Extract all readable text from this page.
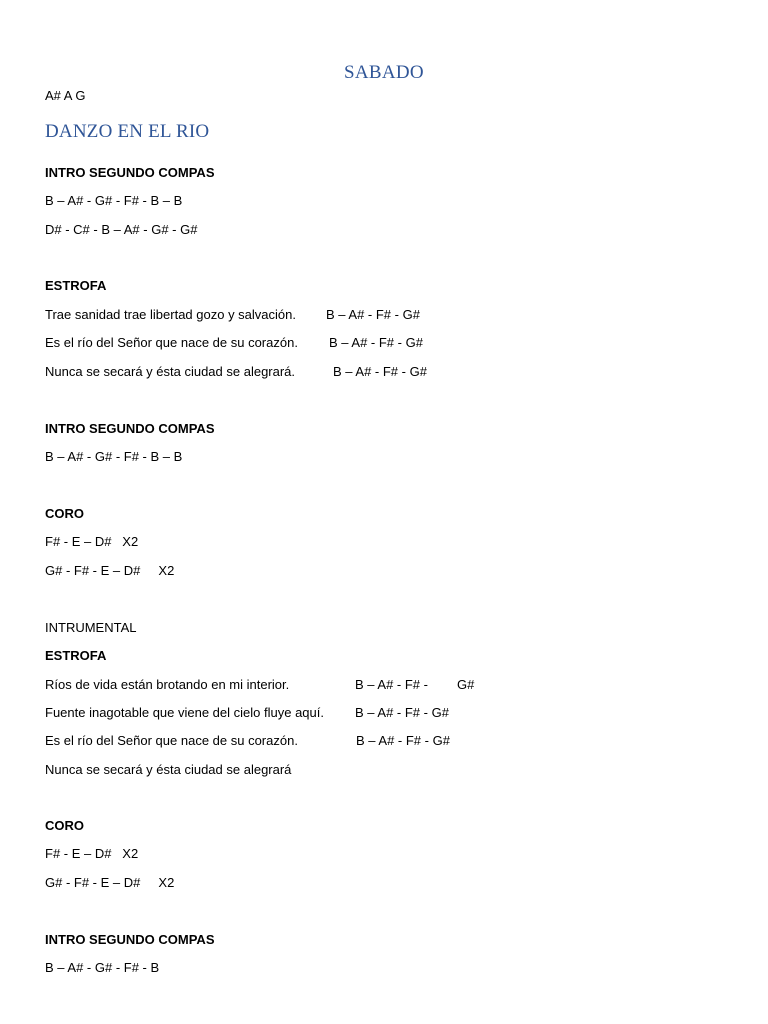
SABADO
A# A G
DANZO EN EL RIO
INTRO SEGUNDO COMPAS
B – A# - G# - F# - B – B
D# - C# - B – A# - G# - G#
ESTROFA
Trae sanidad trae libertad gozo y salvación. B – A# - F# - G#
Es el río del Señor que nace de su corazón. B – A# - F# - G#
Nunca se secará y ésta ciudad se alegrará.	B – A# - F# - G#
INTRO SEGUNDO COMPAS
B – A# - G# - F# - B – B
CORO
F# - E – D#   X2
G# - F# - E – D#     X2
INTRUMENTAL
ESTROFA
Ríos de vida están brotando en mi interior.	B – A# - F# - G#
Fuente inagotable que viene del cielo fluye aquí. B – A# - F# - G#
Es el río del Señor que nace de su corazón.	B – A# - F# - G#
Nunca se secará y ésta ciudad se alegrará
CORO
F# - E – D#   X2
G# - F# - E – D#     X2
INTRO SEGUNDO COMPAS
B – A# - G# - F# - B
